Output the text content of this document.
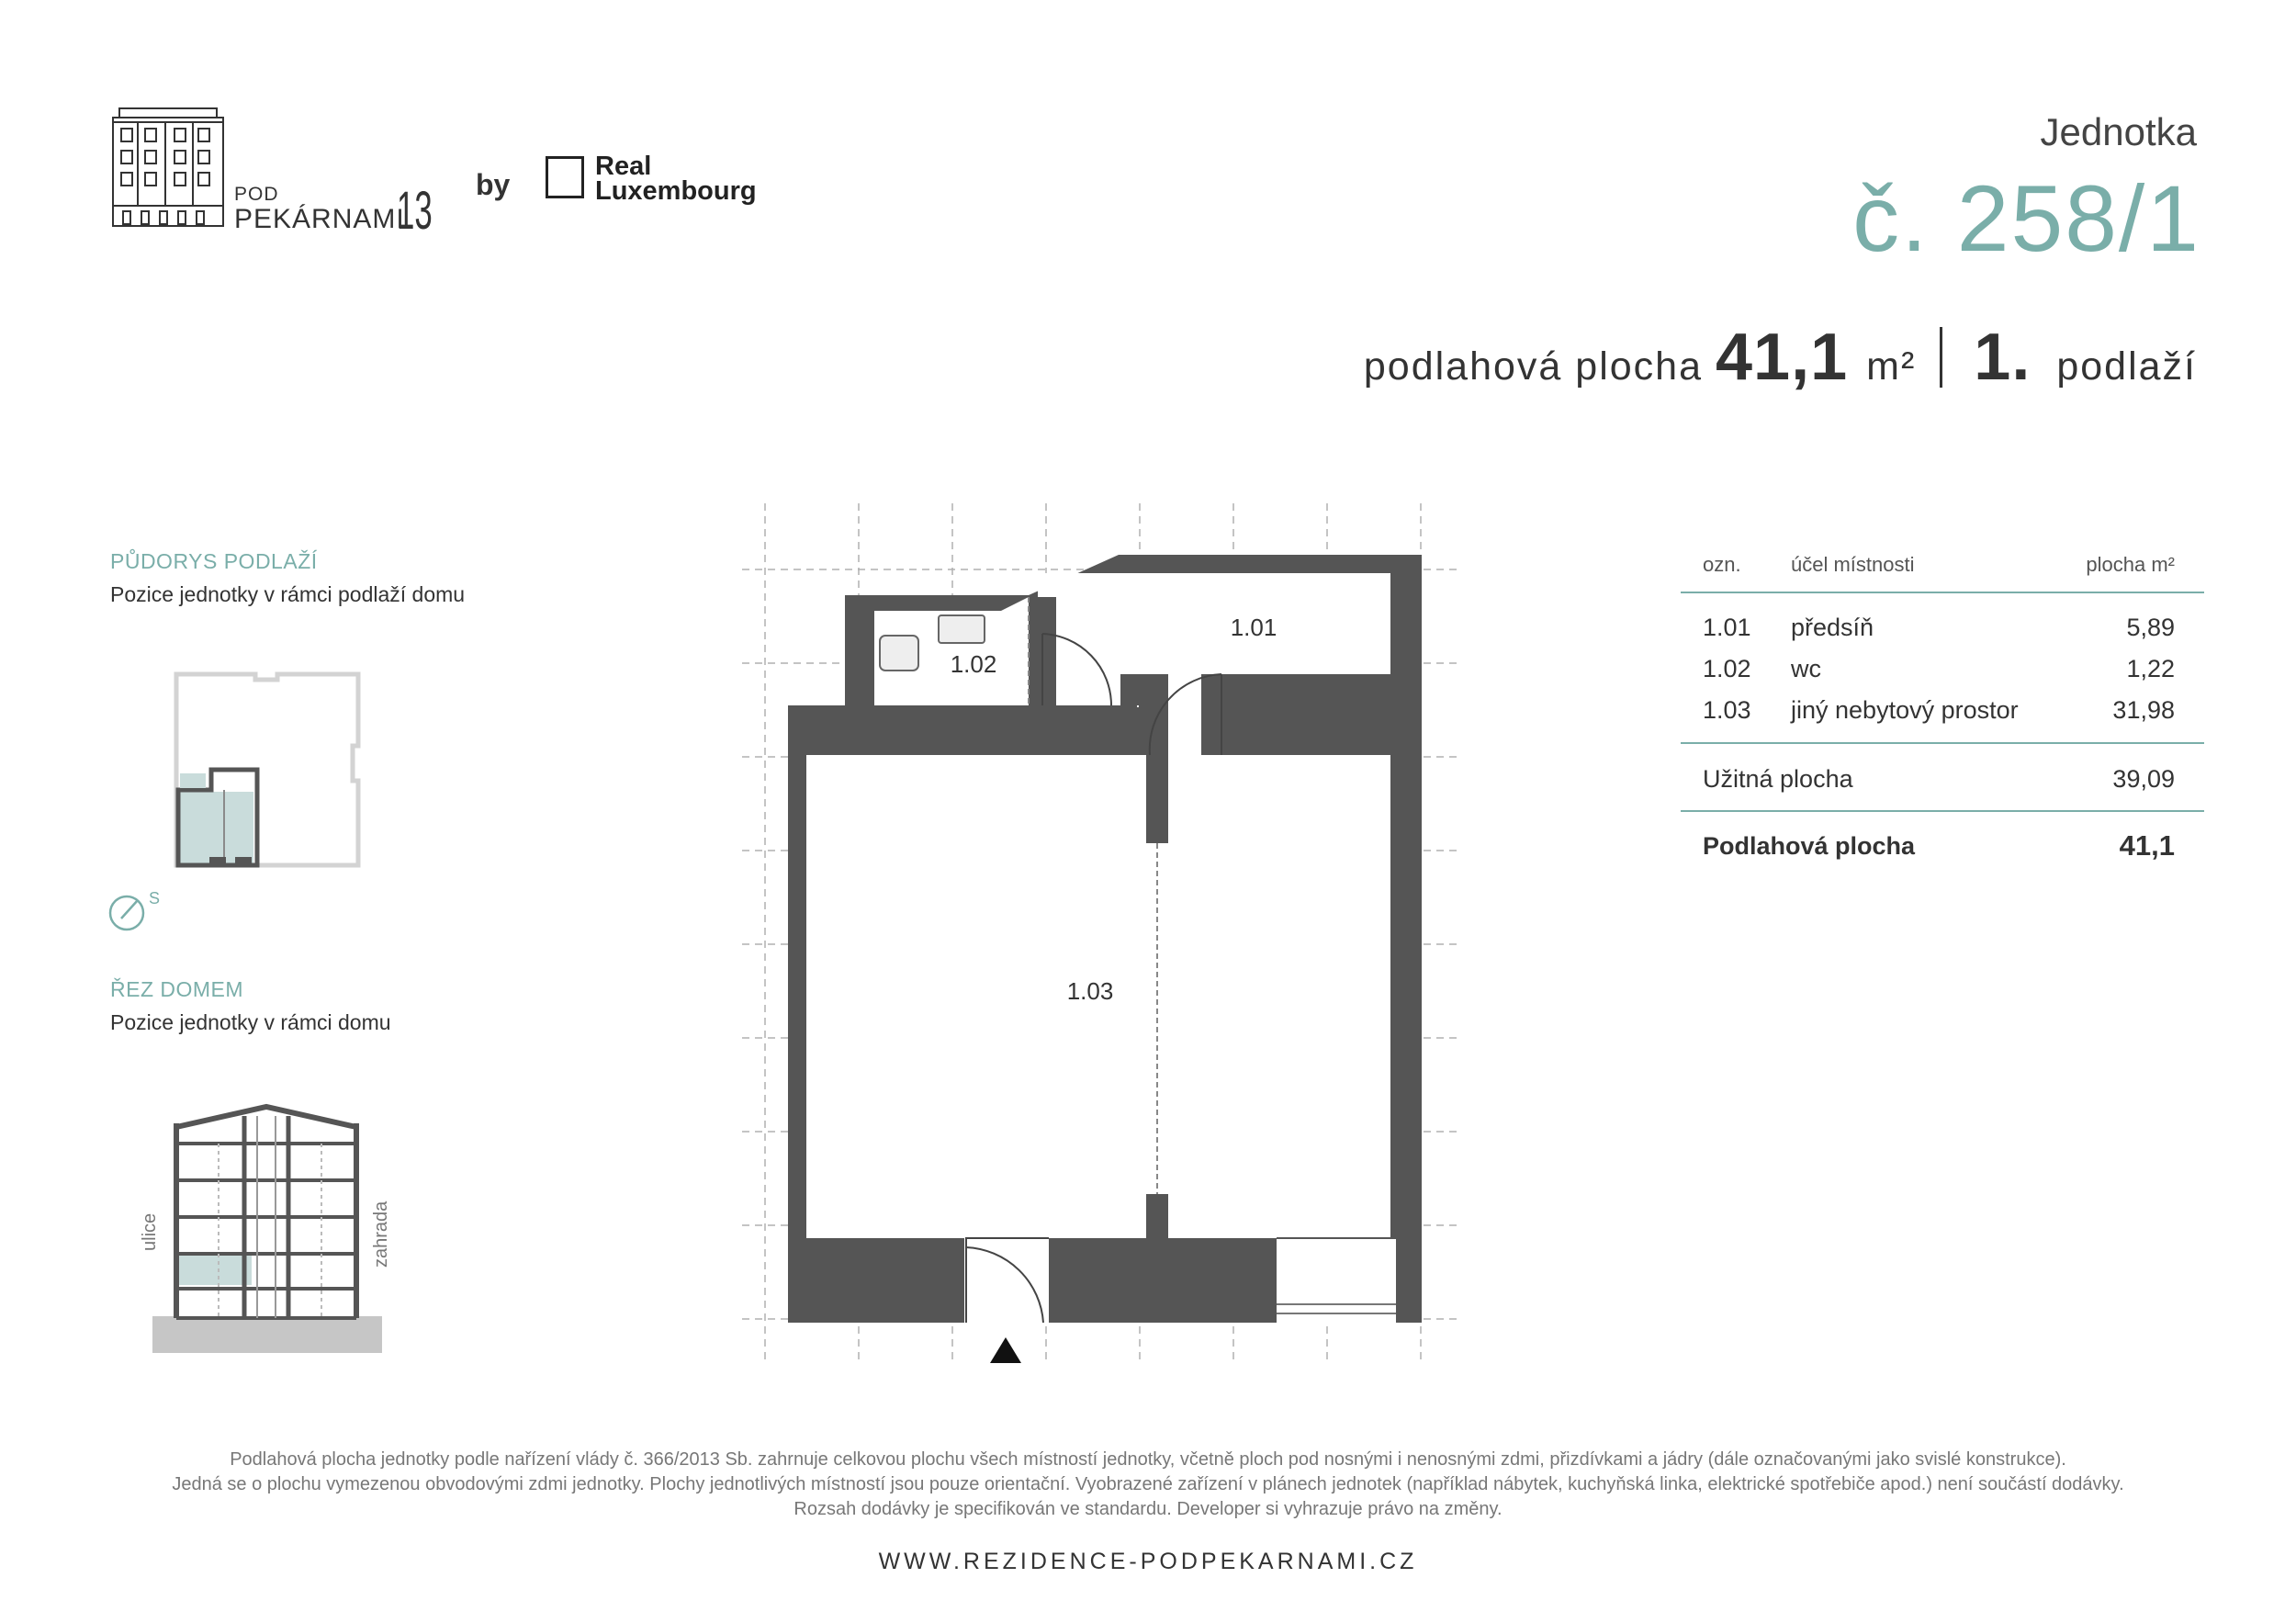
POD
PEKÁRNAMI
13 by
Real
Luxembourg
Jednotka
č. 258/1
podlahová plocha 41,1 m² 1. podlaží
PŮDORYS PODLAŽÍ
Pozice jednotky v rámci podlaží domu
S
ŘEZ DOMEM
Pozice jednotky v rámci domu
ulice	zahrada
1.01
1.02
1.03
ozn. účel místnosti	plocha m²
1.01 předsíň	5,89
1.02 wc	1,22
1.03 jiný nebytový prostor	31,98
Užitná plocha	39,09
Podlahová plocha	41,1
Podlahová plocha jednotky podle nařízení vlády č. 366/2013 Sb. zahrnuje celkovou plochu všech místností jednotky, včetně ploch pod nosnými i nenosnými zdmi, přizdívkami a jádry (dále označovanými jako svislé konstrukce).
Jedná se o plochu vymezenou obvodovými zdmi jednotky. Plochy jednotlivých místností jsou pouze orientační. Vyobrazené zařízení v plánech jednotek (například nábytek, kuchyňská linka, elektrické spotřebiče apod.) není součástí dodávky.
Rozsah dodávky je specifikován ve standardu. Developer si vyhrazuje právo na změny.
WWW.REZIDENCE-PODPEKARNAMI.CZ
